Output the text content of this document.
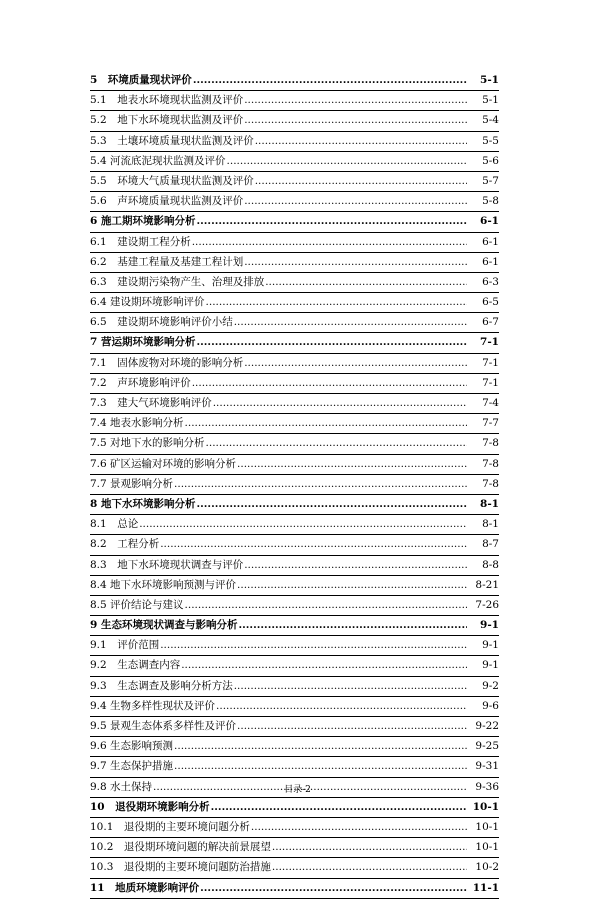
5　环境质量现状评价 .....	5-1
5.1　地表水环境现状监测及评价 .....	5-1
5.2　地下水环境现状监测及评价 .....	5-4
5.3　土壤环境质量现状监测及评价 .....	5-5
5.4 河流底泥现状监测及评价 .....	5-6
5.5　环境大气质量现状监测及评价 .....	5-7
5.6　声环境质量现状监测及评价 .....	5-8
6 施工期环境影响分析 .....	6-1
6.1　建设期工程分析 .....	6-1
6.2　基建工程量及基建工程计划 .....	6-1
6.3　建设期污染物产生、治理及排放 .....	6-3
6.4 建设期环境影响评价 .....	6-5
6.5　建设期环境影响评价小结 .....	6-7
7 营运期环境影响分析 .....	7-1
7.1　固体废物对环境的影响分析 .....	7-1
7.2　声环境影响评价 .....	7-1
7.3　建大气环境影响评价 .....	7-4
7.4 地表水影响分析 .....	7-7
7.5 对地下水的影响分析 .....	7-8
7.6 矿区运输对环境的影响分析 .....	7-8
7.7 景观影响分析 .....	7-8
8 地下水环境影响分析 .....	8-1
8.1　总论 .....	8-1
8.2　工程分析 .....	8-7
8.3　地下水环境现状调查与评价 .....	8-8
8.4 地下水环境影响预测与评价 .....	8-21
8.5 评价结论与建议 .....	7-26
9 生态环境现状调查与影响分析 .....	9-1
9.1　评价范围 .....	9-1
9.2　生态调查内容 .....	9-1
9.3　生态调查及影响分析方法 .....	9-2
9.4 生物多样性现状及评价 .....	9-6
9.5 景观生态体系多样性及评价 .....	9-22
9.6 生态影响预测 .....	9-25
9.7 生态保护措施 .....	9-31
9.8 水土保持 .....	9-36
10　退役期环境影响分析 .....	10-1
10.1　退役期的主要环境问题分析 .....	10-1
10.2　退役期环境问题的解决前景展望 .....	10-1
10.3　退役期的主要环境问题防治措施 .....	10-2
11　地质环境影响评价 .....	11-1
目录-2
